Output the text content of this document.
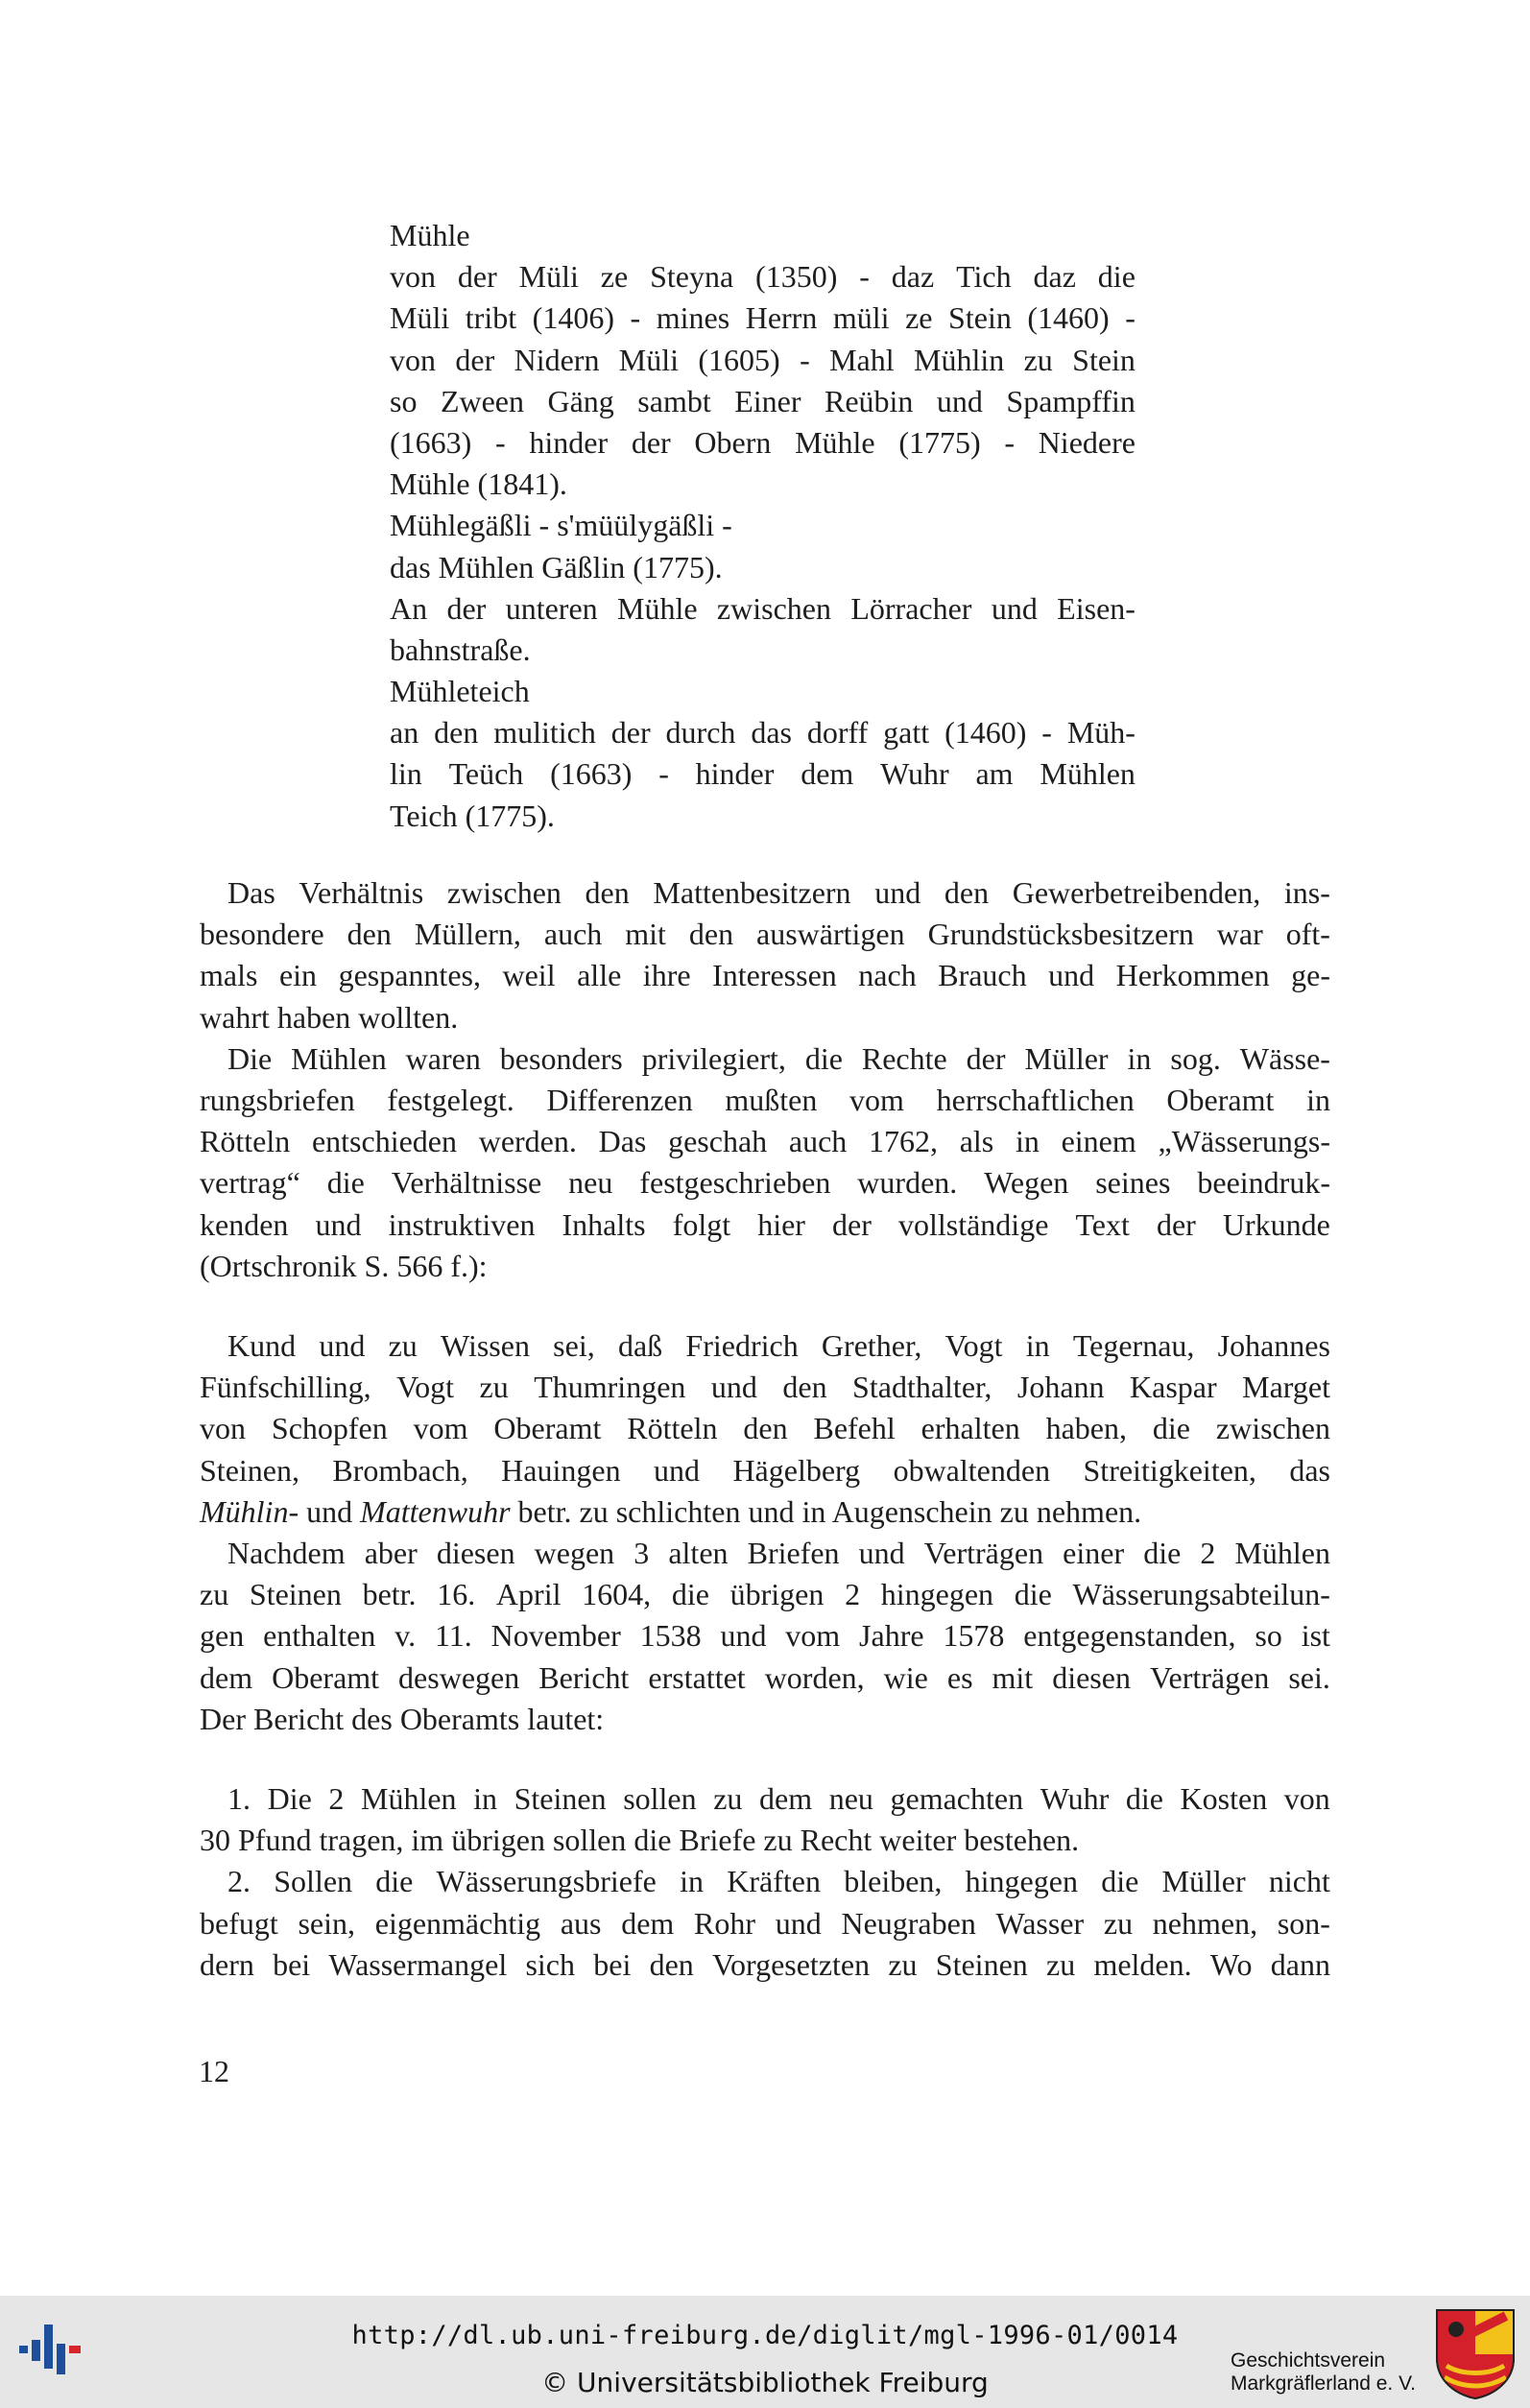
Mühle
von der Müli ze Steyna (1350) - daz Tich daz die
Müli tribt (1406) - mines Herrn müli ze Stein (1460) -
von der Nidern Müli (1605) - Mahl Mühlin zu Stein
so Zween Gäng sambt Einer Reübin und Spampffin
(1663) - hinder der Obern Mühle (1775) - Niedere
Mühle (1841).
Mühlegäßli - s'müülygäßli -
das Mühlen Gäßlin (1775).
An der unteren Mühle zwischen Lörracher und Eisen-
bahnstraße.
Mühleteich
an den mulitich der durch das dorff gatt (1460) - Müh-
lin Teüch (1663) - hinder dem Wuhr am Mühlen
Teich (1775).
Das Verhältnis zwischen den Mattenbesitzern und den Gewerbetreibenden, ins-
besondere den Müllern, auch mit den auswärtigen Grundstücksbesitzern war oft-
mals ein gespanntes, weil alle ihre Interessen nach Brauch und Herkommen ge-
wahrt haben wollten.
Die Mühlen waren besonders privilegiert, die Rechte der Müller in sog. Wässe-
rungsbriefen festgelegt. Differenzen mußten vom herrschaftlichen Oberamt in
Rötteln entschieden werden. Das geschah auch 1762, als in einem „Wässerungs-
vertrag“ die Verhältnisse neu festgeschrieben wurden. Wegen seines beeindruk-
kenden und instruktiven Inhalts folgt hier der vollständige Text der Urkunde
(Ortschronik S. 566 f.):
Kund und zu Wissen sei, daß Friedrich Grether, Vogt in Tegernau, Johannes
Fünfschilling, Vogt zu Thumringen und den Stadthalter, Johann Kaspar Marget
von Schopfen vom Oberamt Rötteln den Befehl erhalten haben, die zwischen
Steinen, Brombach, Hauingen und Hägelberg obwaltenden Streitigkeiten, das
Mühlin- und Mattenwuhr betr. zu schlichten und in Augenschein zu nehmen.
Nachdem aber diesen wegen 3 alten Briefen und Verträgen einer die 2 Mühlen
zu Steinen betr. 16. April 1604, die übrigen 2 hingegen die Wässerungsabteilun-
gen enthalten v. 11. November 1538 und vom Jahre 1578 entgegenstanden, so ist
dem Oberamt deswegen Bericht erstattet worden, wie es mit diesen Verträgen sei.
Der Bericht des Oberamts lautet:
1. Die 2 Mühlen in Steinen sollen zu dem neu gemachten Wuhr die Kosten von
30 Pfund tragen, im übrigen sollen die Briefe zu Recht weiter bestehen.
2. Sollen die Wässerungsbriefe in Kräften bleiben, hingegen die Müller nicht
befugt sein, eigenmächtig aus dem Rohr und Neugraben Wasser zu nehmen, son-
dern bei Wassermangel sich bei den Vorgesetzten zu Steinen zu melden. Wo dann
12
http://dl.ub.uni-freiburg.de/diglit/mgl-1996-01/0014
© Universitätsbibliothek Freiburg
Geschichtsverein
Markgräflerland e. V.
